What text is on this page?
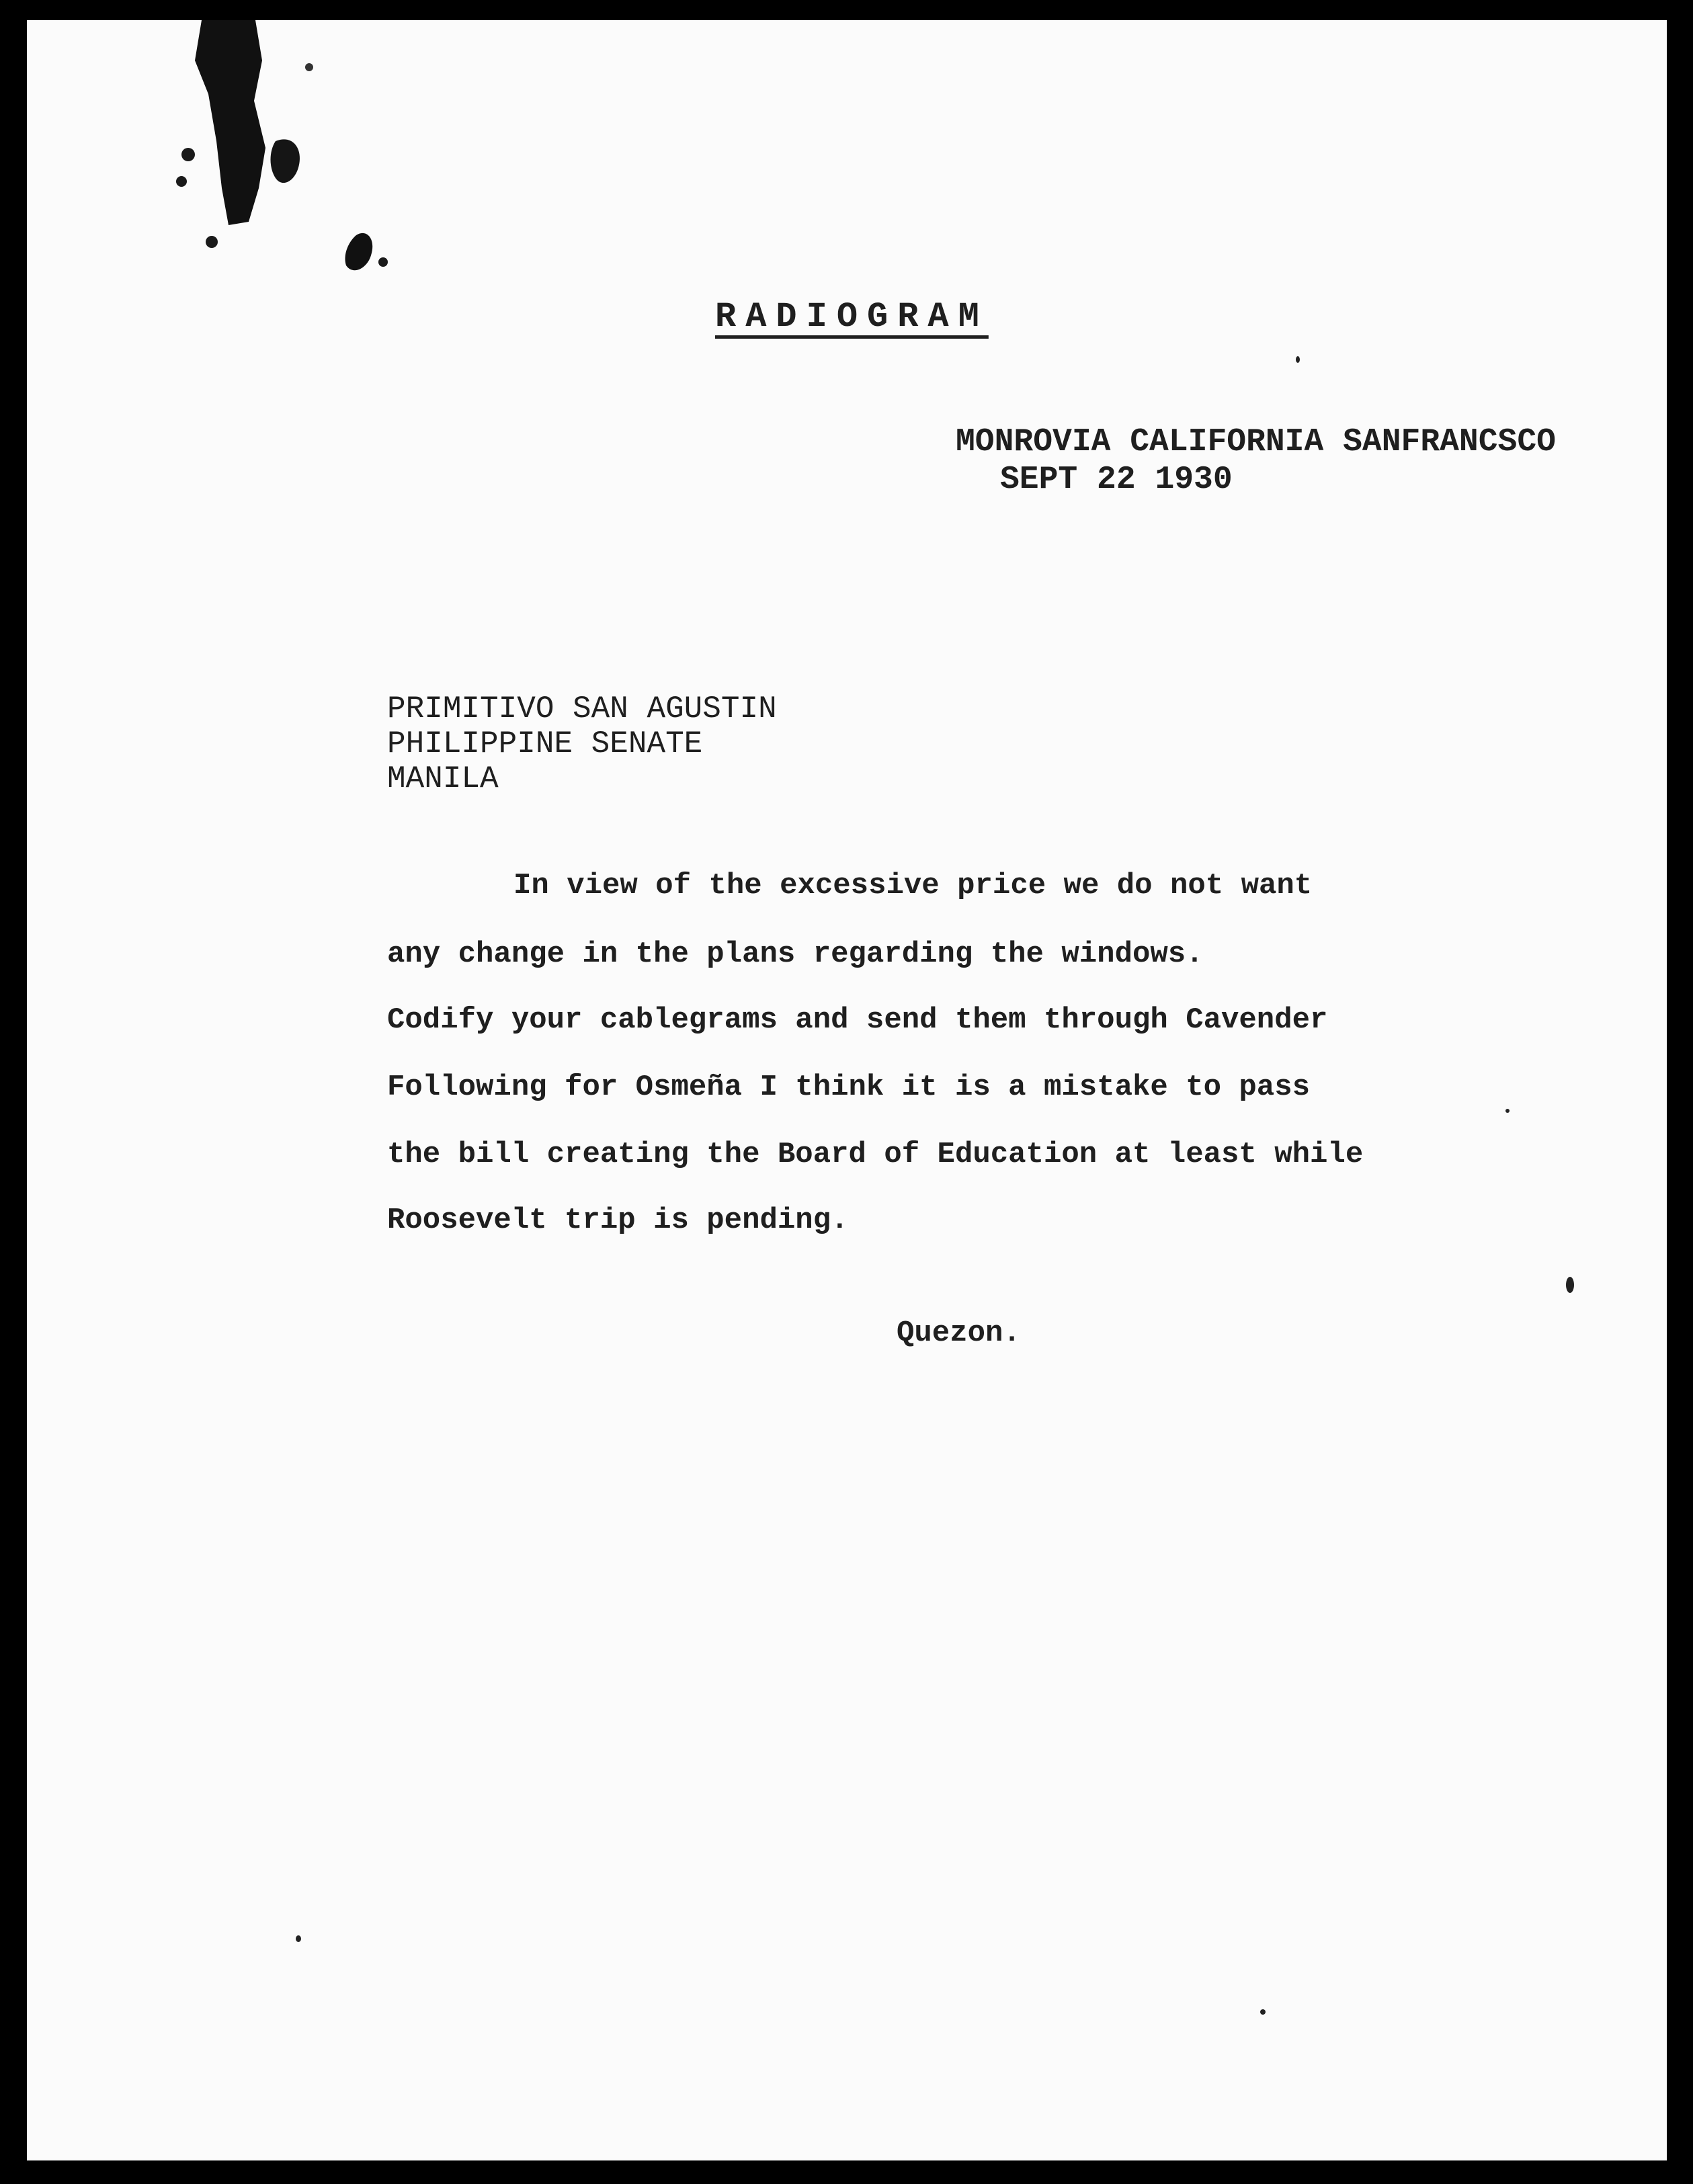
RADIOGRAM

MONROVIA CALIFORNIA SANFRANCSCO

SEPT 22 1930

PRIMITIVO SAN AGUSTIN

PHILIPPINE SENATE

MANILA

In view of the excessive price we do not want

any change in the plans regarding the windows.

Codify your cablegrams and send them through Cavender

Following for Osmeña I think it is a mistake to pass

the bill creating the Board of Education at least while

Roosevelt trip is pending.

Quezon.
